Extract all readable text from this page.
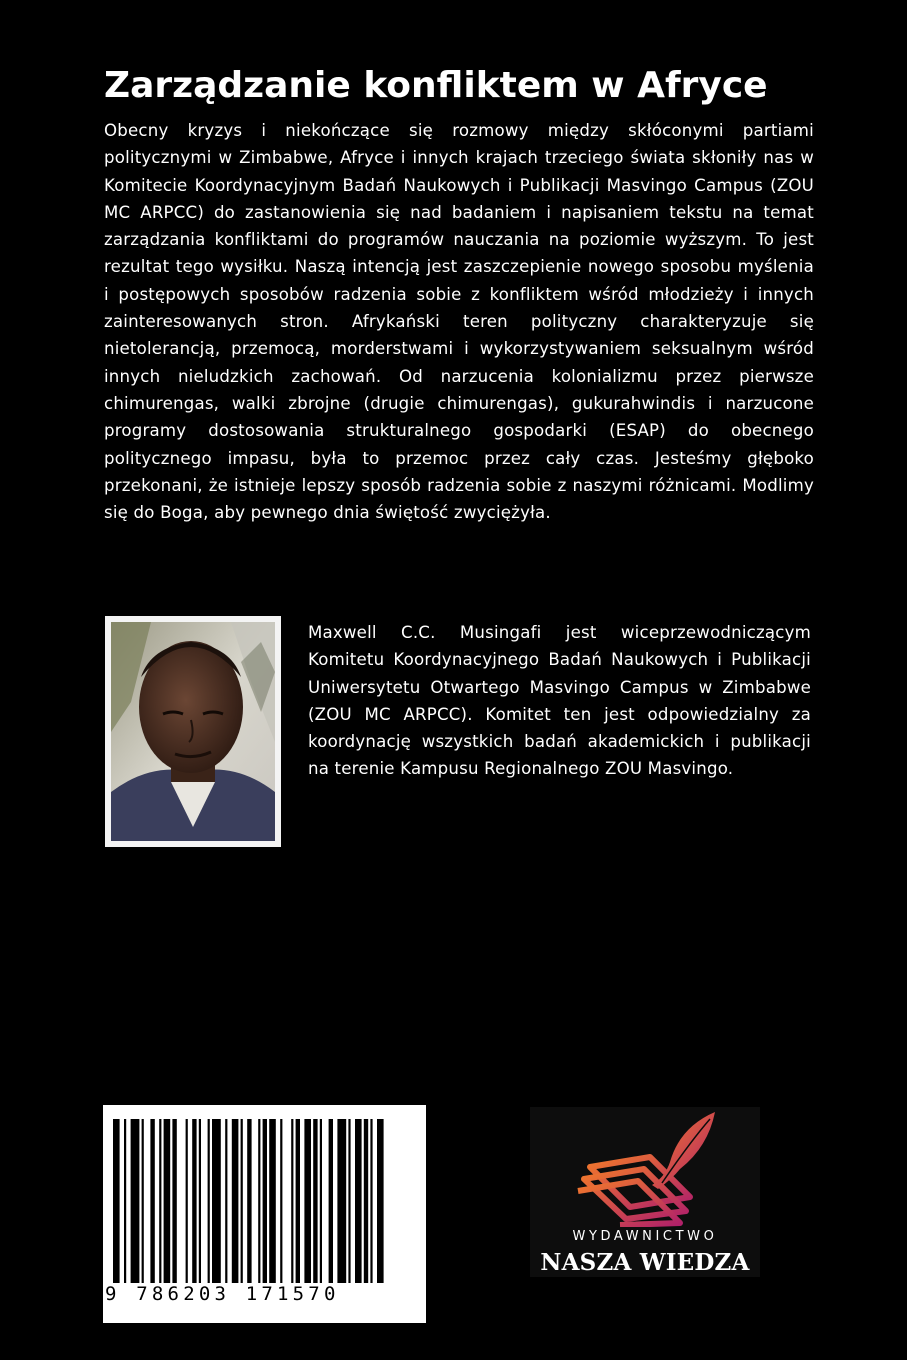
Zarządzanie konfliktem w Afryce

Obecny kryzys i niekończące się rozmowy między skłóconymi partiami politycznymi w Zimbabwe, Afryce i innych krajach trzeciego świata skłoniły nas w Komitecie Koordynacyjnym Badań Naukowych i Publikacji Masvingo Campus (ZOU MC ARPCC) do zastanowienia się nad badaniem i napisaniem tekstu na temat zarządzania konfliktami do programów nauczania na poziomie wyższym. To jest rezultat tego wysiłku. Naszą intencją jest zaszczepienie nowego sposobu myślenia i postępowych sposobów radzenia sobie z konfliktem wśród młodzieży i innych zainteresowanych stron. Afrykański teren polityczny charakteryzuje się nietolerancją, przemocą, morderstwami i wykorzystywaniem seksualnym wśród innych nieludzkich zachowań. Od narzucenia kolonializmu przez pierwsze chimurengas, walki zbrojne (drugie chimurengas), gukurahwindis i narzucone programy dostosowania strukturalnego gospodarki (ESAP) do obecnego politycznego impasu, była to przemoc przez cały czas. Jesteśmy głęboko przekonani, że istnieje lepszy sposób radzenia sobie z naszymi różnicami. Modlimy się do Boga, aby pewnego dnia świętość zwyciężyła.

Maxwell C.C. Musingafi jest wiceprzewodniczącym Komitetu Koordynacyjnego Badań Naukowych i Publikacji Uniwersytetu Otwartego Masvingo Campus w Zimbabwe (ZOU MC ARPCC). Komitet ten jest odpowiedzialny za koordynację wszystkich badań akademickich i publikacji na terenie Kampusu Regionalnego ZOU Masvingo.

9 786203 171570
WYDAWNICTWO
NASZA WIEDZA
